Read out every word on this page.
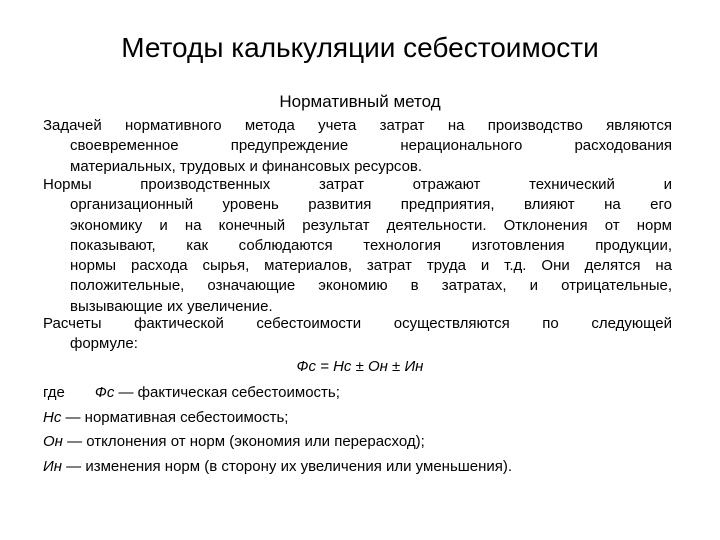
Методы калькуляции себестоимости
Нормативный метод
Задачей нормативного метода учета затрат на производство являются
своевременное предупреждение нерационального расходования
материальных, трудовых и финансовых ресурсов.
Нормы производственных затрат отражают технический и
организационный уровень развития предприятия, влияют на его
экономику и на конечный результат деятельности. Отклонения от норм
показывают, как соблюдаются технология изготовления продукции,
нормы расхода сырья, материалов, затрат труда и т.д. Они делятся на
положительные, означающие экономию в затратах, и отрицательные,
вызывающие их увеличение.
Расчеты фактической себестоимости осуществляются по следующей
формуле:
Фс = Нс ± Он ± Ин
где Фс — фактическая себестоимость;
Нс — нормативная себестоимость;
Он — отклонения от норм (экономия или перерасход);
Ин — изменения норм (в сторону их увеличения или уменьшения).
